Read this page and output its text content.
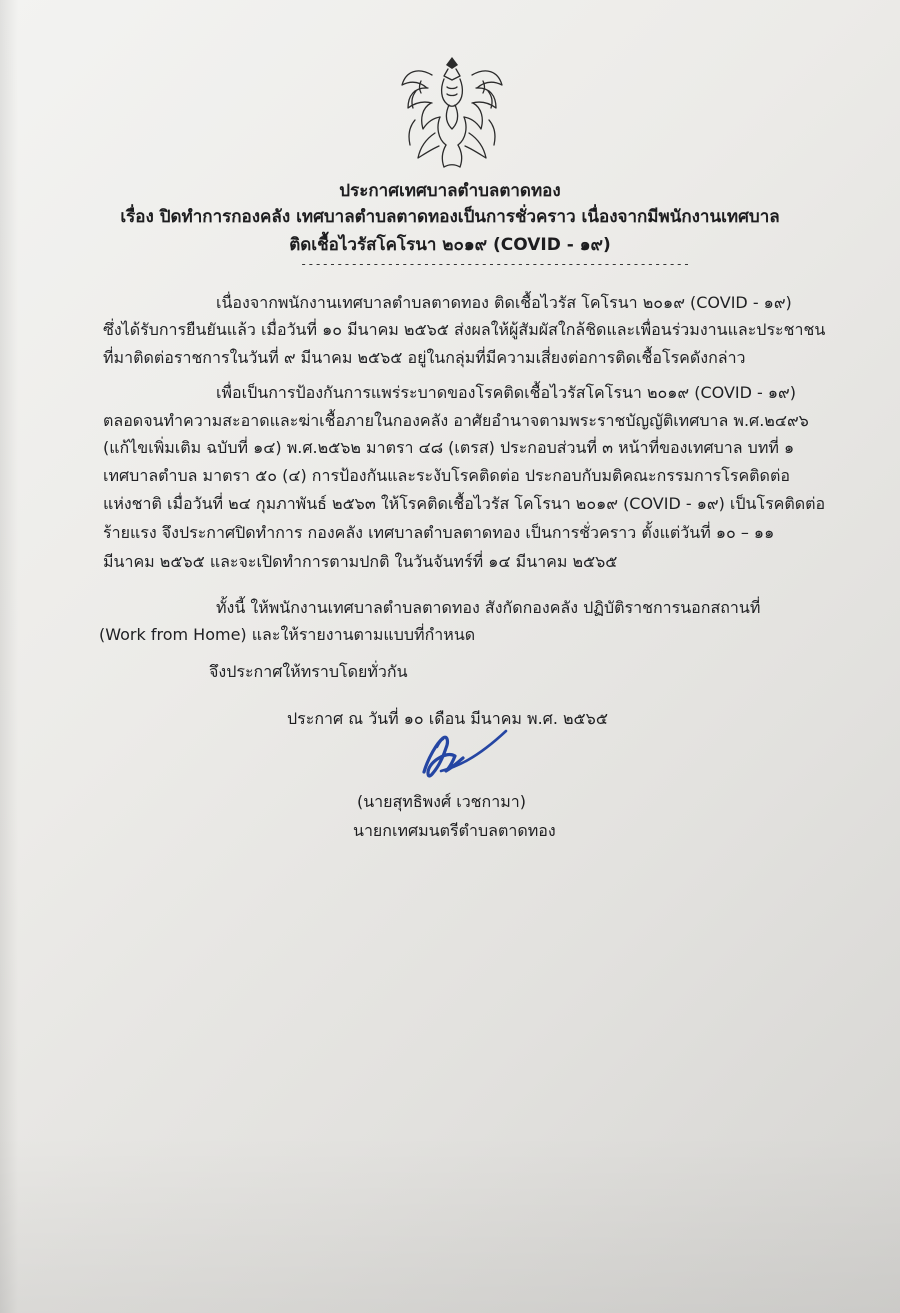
ประกาศเทศบาลตำบลตาดทอง
เรื่อง ปิดทำการกองคลัง เทศบาลตำบลตาดทองเป็นการชั่วคราว เนื่องจากมีพนักงานเทศบาล
ติดเชื้อไวรัสโคโรนา ๒๐๑๙ (COVID - ๑๙)
------------------------------------------------------
เนื่องจากพนักงานเทศบาลตำบลตาดทอง ติดเชื้อไวรัส โคโรนา ๒๐๑๙ (COVID - ๑๙)
ซึ่งได้รับการยืนยันแล้ว เมื่อวันที่ ๑๐ มีนาคม ๒๕๖๕ ส่งผลให้ผู้สัมผัสใกล้ชิดและเพื่อนร่วมงานและประชาชน
ที่มาติดต่อราชการในวันที่ ๙ มีนาคม ๒๕๖๕ อยู่ในกลุ่มที่มีความเสี่ยงต่อการติดเชื้อโรคดังกล่าว
เพื่อเป็นการป้องกันการแพร่ระบาดของโรคติดเชื้อไวรัสโคโรนา ๒๐๑๙ (COVID - ๑๙)
ตลอดจนทำความสะอาดและฆ่าเชื้อภายในกองคลัง อาศัยอำนาจตามพระราชบัญญัติเทศบาล พ.ศ.๒๔๙๖
(แก้ไขเพิ่มเติม ฉบับที่ ๑๔) พ.ศ.๒๕๖๒ มาตรา ๔๘ (เตรส) ประกอบส่วนที่ ๓ หน้าที่ของเทศบาล บทที่ ๑
เทศบาลตำบล มาตรา ๕๐ (๔) การป้องกันและระงับโรคติดต่อ ประกอบกับมติคณะกรรมการโรคติดต่อ
แห่งชาติ เมื่อวันที่ ๒๔ กุมภาพันธ์ ๒๕๖๓ ให้โรคติดเชื้อไวรัส โคโรนา ๒๐๑๙ (COVID - ๑๙) เป็นโรคติดต่อ
ร้ายแรง จึงประกาศปิดทำการ กองคลัง เทศบาลตำบลตาดทอง เป็นการชั่วคราว ตั้งแต่วันที่ ๑๐ – ๑๑
มีนาคม ๒๕๖๕ และจะเปิดทำการตามปกติ ในวันจันทร์ที่ ๑๔ มีนาคม ๒๕๖๕
ทั้งนี้ ให้พนักงานเทศบาลตำบลตาดทอง สังกัดกองคลัง ปฏิบัติราชการนอกสถานที่
(Work from Home) และให้รายงานตามแบบที่กำหนด
จึงประกาศให้ทราบโดยทั่วกัน
ประกาศ ณ วันที่ ๑๐ เดือน มีนาคม พ.ศ. ๒๕๖๕
(นายสุทธิพงศ์ เวชกามา)
นายกเทศมนตรีตำบลตาดทอง
